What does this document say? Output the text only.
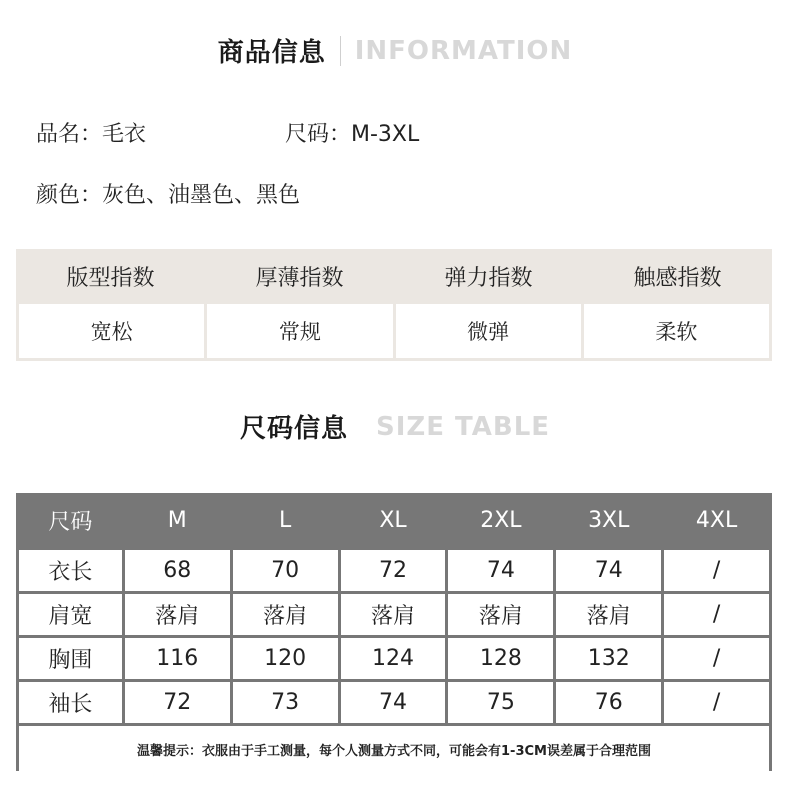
商品信息 INFORMATION
品名：毛衣	尺码：M-3XL
颜色：灰色、油墨色、黑色
版型指数	厚薄指数	弹力指数	触感指数
宽松	常规	微弹	柔软
尺码信息 SIZE TABLE
尺码	M	L	XL	2XL	3XL	4XL
衣长	68	70	72	74	74	/
肩宽	落肩	落肩	落肩	落肩	落肩	/
胸围	116	120	124	128	132	/
袖长	72	73	74	75	76	/
温馨提示：衣服由于手工测量，每个人测量方式不同，可能会有1-3CM误差属于合理范围
